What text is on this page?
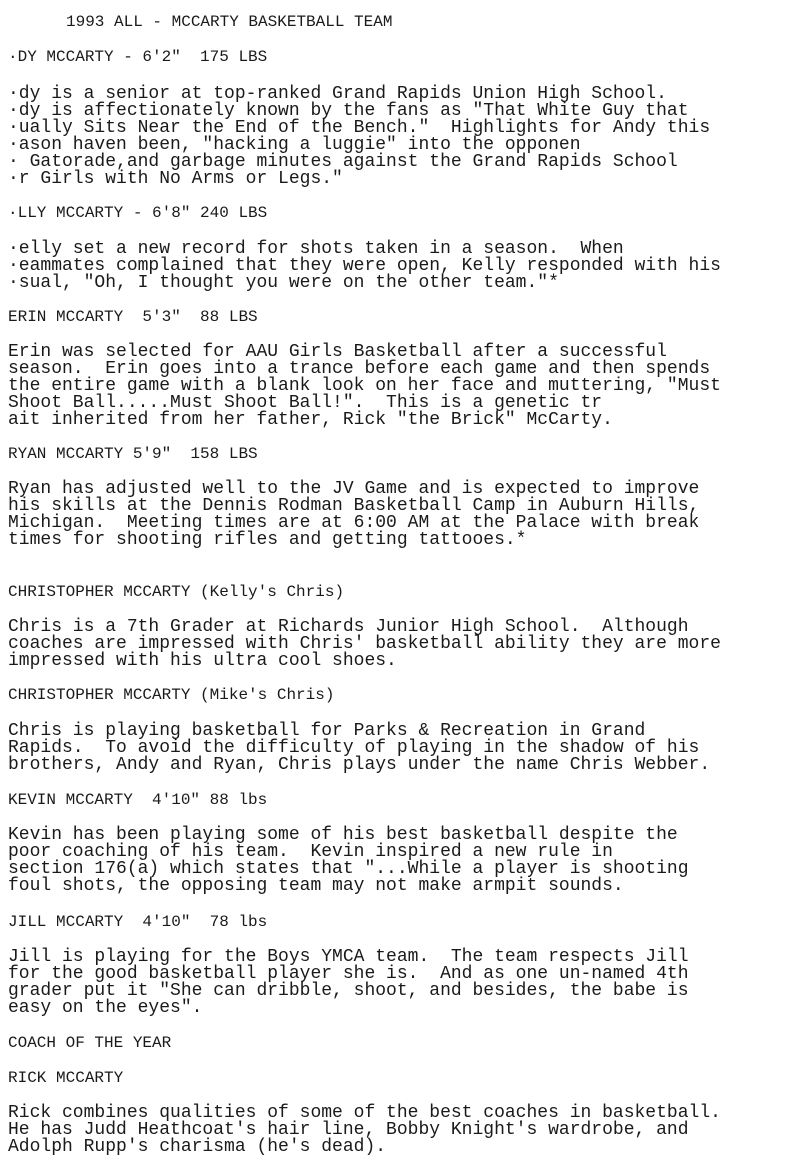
1993 ALL - MCCARTY BASKETBALL TEAM
·DY MCCARTY - 6'2"  175 LBS
·dy is a senior at top-ranked Grand Rapids Union High School.
·dy is affectionately known by the fans as "That White Guy that
·ually Sits Near the End of the Bench."  Highlights for Andy this
·ason haven been, "hacking a luggie" into the opponen
· Gatorade,and garbage minutes against the Grand Rapids School
·r Girls with No Arms or Legs."
·LLY MCCARTY - 6'8" 240 LBS
·elly set a new record for shots taken in a season.  When
·eammates complained that they were open, Kelly responded with his
·sual, "Oh, I thought you were on the other team."*
ERIN MCCARTY  5'3"  88 LBS
Erin was selected for AAU Girls Basketball after a successful
season.  Erin goes into a trance before each game and then spends
the entire game with a blank look on her face and muttering, "Must
Shoot Ball.....Must Shoot Ball!".  This is a genetic tr
ait inherited from her father, Rick "the Brick" McCarty.
RYAN MCCARTY 5'9"  158 LBS
Ryan has adjusted well to the JV Game and is expected to improve
his skills at the Dennis Rodman Basketball Camp in Auburn Hills,
Michigan.  Meeting times are at 6:00 AM at the Palace with break
times for shooting rifles and getting tattooes.*
CHRISTOPHER MCCARTY (Kelly's Chris)
Chris is a 7th Grader at Richards Junior High School.  Although
coaches are impressed with Chris' basketball ability they are more
impressed with his ultra cool shoes.
CHRISTOPHER MCCARTY (Mike's Chris)
Chris is playing basketball for Parks & Recreation in Grand
Rapids.  To avoid the difficulty of playing in the shadow of his
brothers, Andy and Ryan, Chris plays under the name Chris Webber.
KEVIN MCCARTY  4'10" 88 lbs
Kevin has been playing some of his best basketball despite the
poor coaching of his team.  Kevin inspired a new rule in
section 176(a) which states that "...While a player is shooting
foul shots, the opposing team may not make armpit sounds.
JILL MCCARTY  4'10"  78 lbs
Jill is playing for the Boys YMCA team.  The team respects Jill
for the good basketball player she is.  And as one un-named 4th
grader put it "She can dribble, shoot, and besides, the babe is
easy on the eyes".
COACH OF THE YEAR
RICK MCCARTY
Rick combines qualities of some of the best coaches in basketball.
He has Judd Heathcoat's hair line, Bobby Knight's wardrobe, and
Adolph Rupp's charisma (he's dead).
